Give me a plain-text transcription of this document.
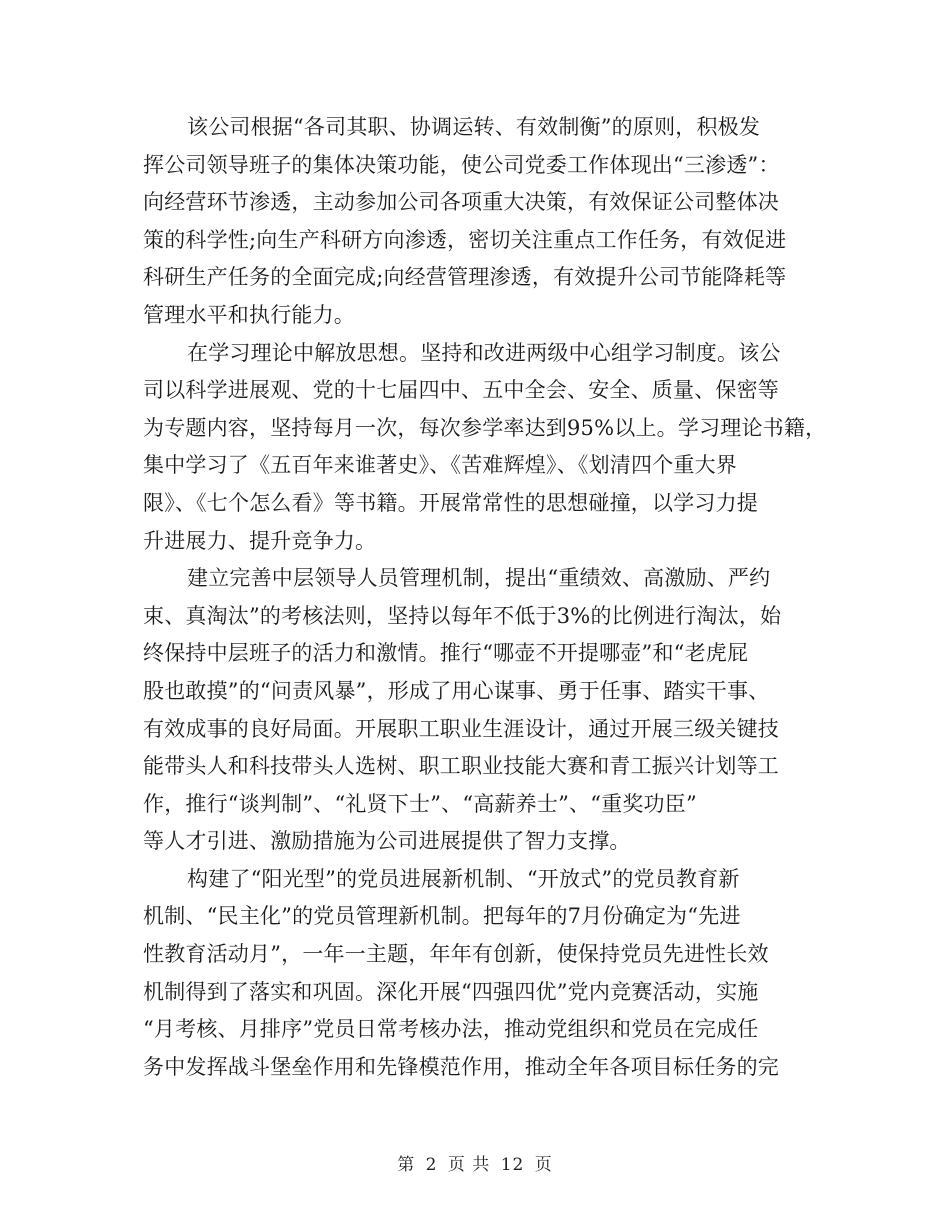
该公司根据“各司其职、协调运转、有效制衡”的原则，积极发
挥公司领导班子的集体决策功能，使公司党委工作体现出“三渗透”：
向经营环节渗透，主动参加公司各项重大决策，有效保证公司整体决
策的科学性;向生产科研方向渗透，密切关注重点工作任务，有效促进
科研生产任务的全面完成;向经营管理渗透，有效提升公司节能降耗等
管理水平和执行能力。
在学习理论中解放思想。坚持和改进两级中心组学习制度。该公
司以科学进展观、党的十七届四中、五中全会、安全、质量、保密等
为专题内容，坚持每月一次，每次参学率达到95%以上。学习理论书籍，
集中学习了《五百年来谁著史》、《苦难辉煌》、《划清四个重大界
限》、《七个怎么看》等书籍。开展常常性的思想碰撞，以学习力提
升进展力、提升竞争力。
建立完善中层领导人员管理机制，提出“重绩效、高激励、严约
束、真淘汰”的考核法则，坚持以每年不低于3%的比例进行淘汰，始
终保持中层班子的活力和激情。推行“哪壶不开提哪壶”和“老虎屁
股也敢摸”的“问责风暴”，形成了用心谋事、勇于任事、踏实干事、
有效成事的良好局面。开展职工职业生涯设计，通过开展三级关键技
能带头人和科技带头人选树、职工职业技能大赛和青工振兴计划等工
作，推行“谈判制”、“礼贤下士”、“高薪养士”、“重奖功臣”
等人才引进、激励措施为公司进展提供了智力支撑。
构建了“阳光型”的党员进展新机制、“开放式”的党员教育新
机制、“民主化”的党员管理新机制。把每年的7月份确定为“先进
性教育活动月”，一年一主题，年年有创新，使保持党员先进性长效
机制得到了落实和巩固。深化开展“四强四优”党内竞赛活动，实施
“月考核、月排序”党员日常考核办法，推动党组织和党员在完成任
务中发挥战斗堡垒作用和先锋模范作用，推动全年各项目标任务的完
第 2 页 共 12 页
